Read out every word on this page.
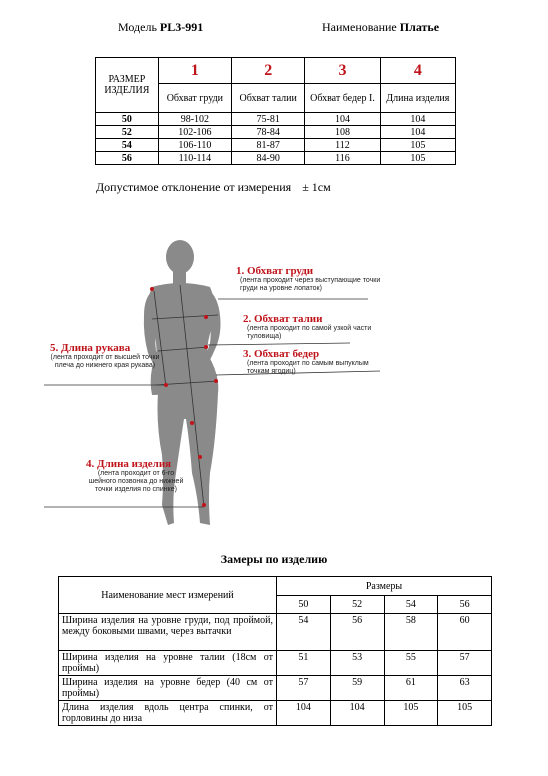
Модель PL3-991	Наименование Платье
РАЗМЕР ИЗДЕЛИЯ	1	2	3	4
	Обхват груди	Обхват талии	Обхват бедер I.	Длина изделия
50	98-102	75-81	104	104
52	102-106	78-84	108	104
54	106-110	81-87	112	105
56	110-114	84-90	116	105
Допустимое отклонение от измерения ± 1см
1. Обхват груди
(лента проходит через выступающие точки груди на уровне лопаток)
2. Обхват талии
(лента проходит по самой узкой части туловища)
3. Обхват бедер
(лента проходит по самым выпуклым точкам ягодиц)
5. Длина рукава
(лента проходит от высшей точки плеча до нижнего края рукава)
4. Длина изделия
(лента проходит от 6-го шейного позвонка до нижней точки изделия по спинке)
Замеры по изделию
Наименование мест измерений	Размеры			
	50	52	54	56
Ширина изделия на уровне груди, под проймой, между боковыми швами, через вытачки	54	56	58	60
Ширина изделия на уровне талии (18см от проймы)	51	53	55	57
Ширина изделия на уровне бедер (40 см от проймы)	57	59	61	63
Длина изделия вдоль центра спинки, от горловины до низа	104	104	105	105
